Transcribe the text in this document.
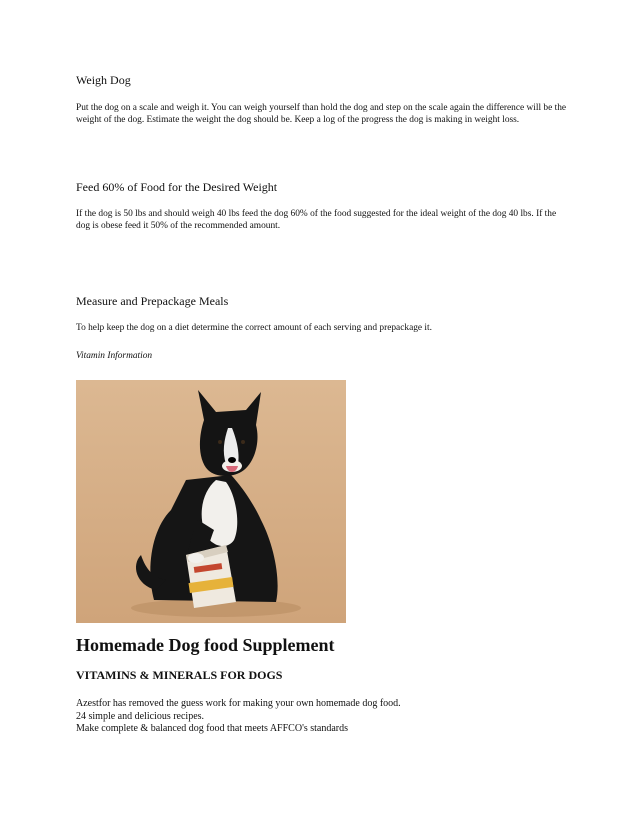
Weigh Dog
Put the dog on a scale and weigh it. You can weigh yourself than hold the dog and step on the scale again the difference will be the weight of the dog. Estimate the weight the dog should be. Keep a log of the progress the dog is making in weight loss.
Feed 60% of Food for the Desired Weight
If the dog is 50 lbs and should weigh 40 lbs feed the dog 60% of the food suggested for the ideal weight of the dog 40 lbs. If the dog is obese feed it 50% of the recommended amount.
Measure and Prepackage Meals
To help keep the dog on a diet determine the correct amount of each serving and prepackage it.
Vitamin Information
Homemade Dog food Supplement
VITAMINS & MINERALS FOR DOGS
Azestfor has removed the guess work for making your own homemade dog food.
24 simple and delicious recipes.
Make complete & balanced dog food that meets AFFCO's standards
